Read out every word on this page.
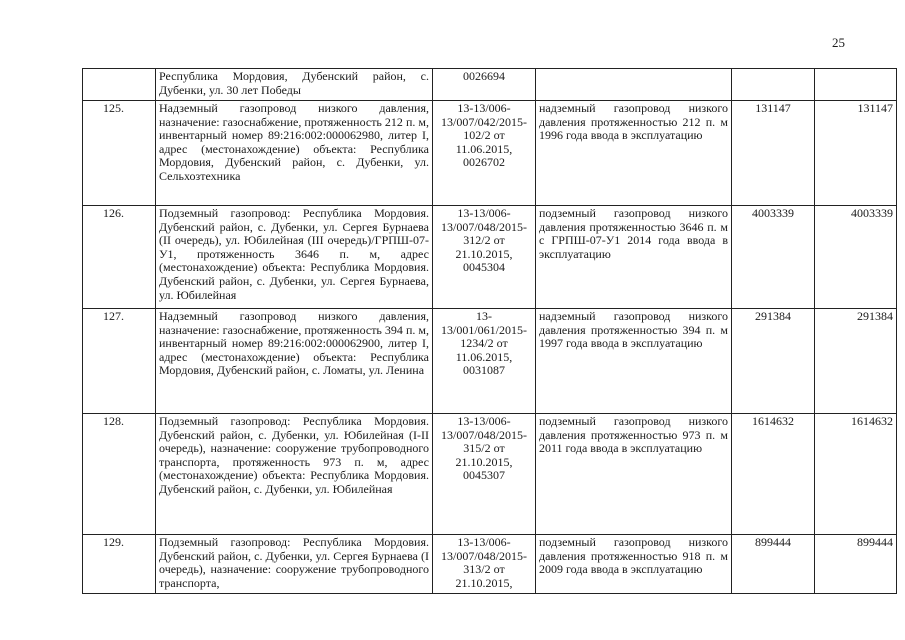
25

	Республика Мордовия, Дубенский район, с. Дубенки, ул. 30 лет Победы	0026694			

125.	Надземный газопровод низкого давления, назначение: газоснабжение, протяженность 212 п. м, инвентарный номер 89:216:002:000062980, литер I, адрес (местонахождение) объекта: Республика Мордовия, Дубенский район, с. Дубенки, ул. Сельхозтехника	13-13/006-13/007/042/2015-102/2 от 11.06.2015, 0026702	надземный газопровод низкого давления протяженностью 212 п. м 1996 года ввода в эксплуатацию	131147	131147

126.	Подземный газопровод: Республика Мордовия. Дубенский район, с. Дубенки, ул. Сергея Бурнаева (II очередь), ул. Юбилейная (III очередь)/ГРПШ-07-У1, протяженность 3646 п. м, адрес (местонахождение) объекта: Республика Мордовия. Дубенский район, с. Дубенки, ул. Сергея Бурнаева, ул. Юбилейная	13-13/006-13/007/048/2015-312/2 от 21.10.2015, 0045304	подземный газопровод низкого давления протяженностью 3646 п. м с ГРПШ-07-У1 2014 года ввода в эксплуатацию	4003339	4003339

127.	Надземный газопровод низкого давления, назначение: газоснабжение, протяженность 394 п. м, инвентарный номер 89:216:002:000062900, литер I, адрес (местонахождение) объекта: Республика Мордовия, Дубенский район, с. Ломаты, ул. Ленина	13-13/001/061/2015-1234/2 от 11.06.2015, 0031087	надземный газопровод низкого давления протяженностью 394 п. м 1997 года ввода в эксплуатацию	291384	291384

128.	Подземный газопровод: Республика Мордовия. Дубенский район, с. Дубенки, ул. Юбилейная (I-II очередь), назначение: сооружение трубопроводного транспорта, протяженность 973 п. м, адрес (местонахождение) объекта: Республика Мордовия. Дубенский район, с. Дубенки, ул. Юбилейная	13-13/006-13/007/048/2015-315/2 от 21.10.2015, 0045307	подземный газопровод низкого давления протяженностью 973 п. м 2011 года ввода в эксплуатацию	1614632	1614632

129.	Подземный газопровод: Республика Мордовия. Дубенский район, с. Дубенки, ул. Сергея Бурнаева (I очередь), назначение: сооружение трубопроводного транспорта,	13-13/006-13/007/048/2015-313/2 от 21.10.2015,	подземный газопровод низкого давления протяженностью 918 п. м 2009 года ввода в эксплуатацию	899444	899444
